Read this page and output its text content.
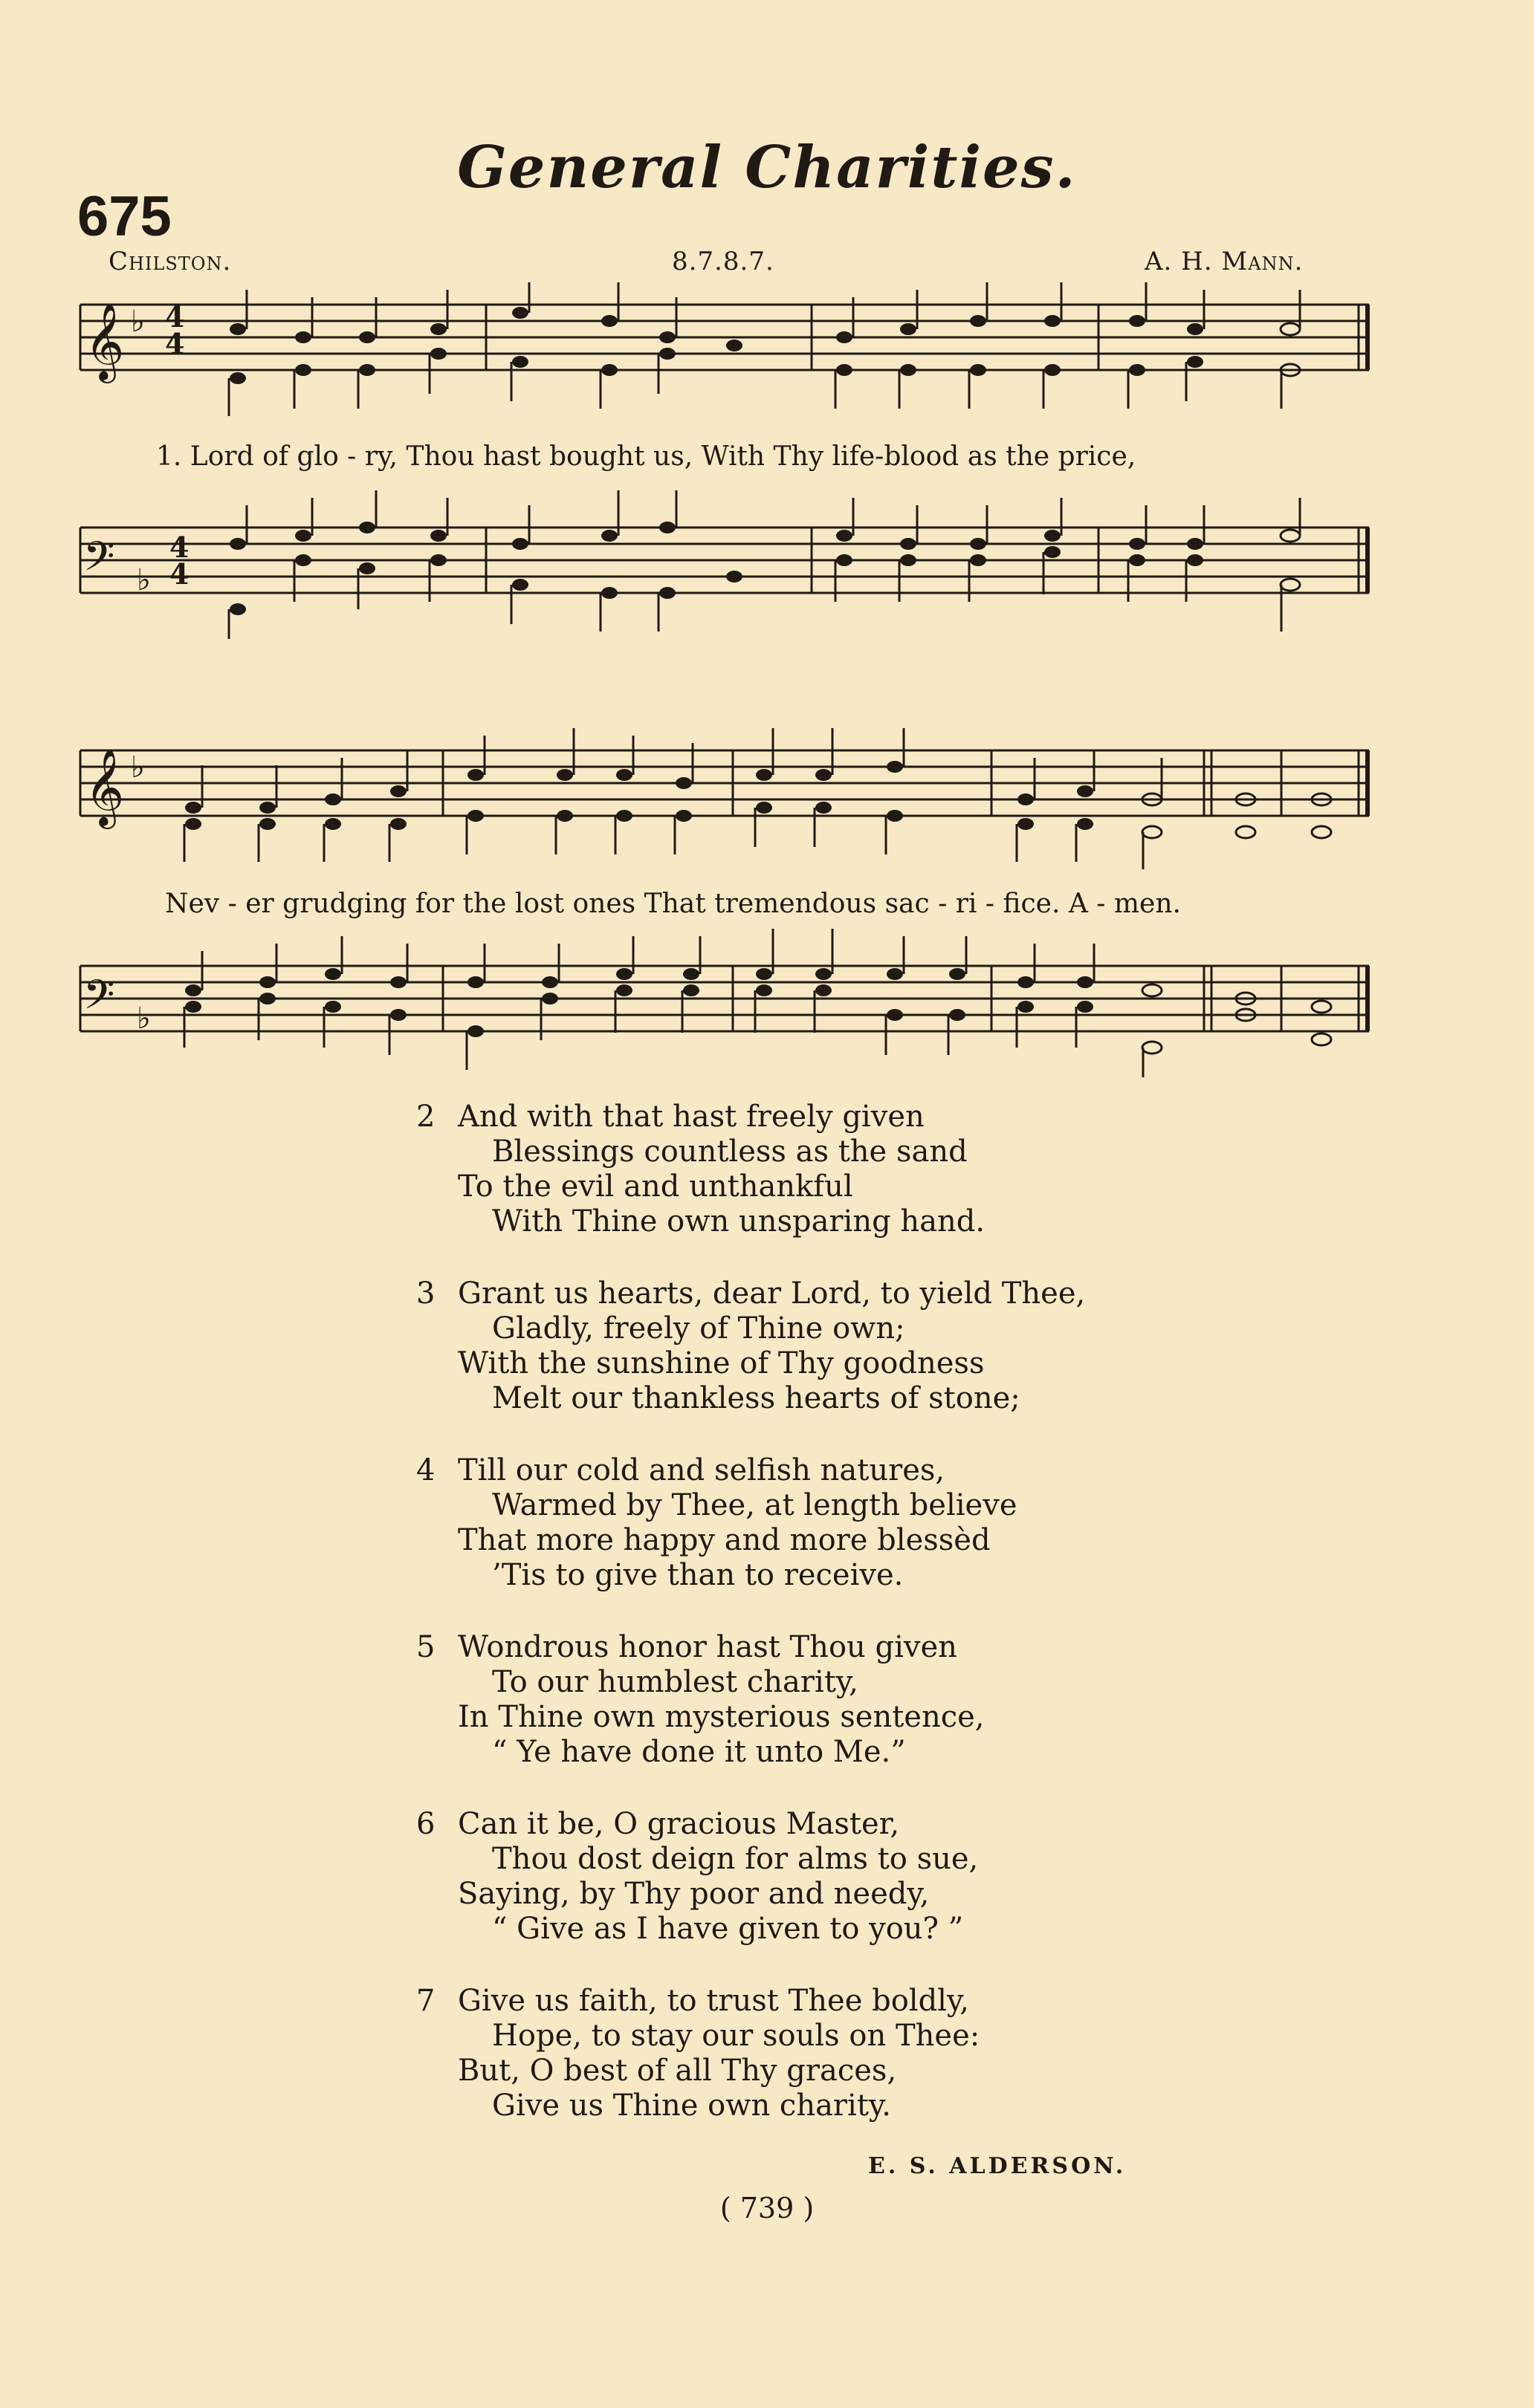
General Charities.
675
Chilston.	8.7.8.7.	A. H. Mann.
𝄞 ♭ 4
4
1. Lord of glo - ry, Thou hast bought us, With Thy life-blood as the price,
𝄢 ♭
4
4
𝄞 ♭
Nev - er grudging for the lost ones That tremendous sac - ri - fice. A - men.
𝄢 ♭
2 And with that hast freely given
Blessings countless as the sand
To the evil and unthankful
With Thine own unsparing hand.
3 Grant us hearts, dear Lord, to yield Thee,
Gladly, freely of Thine own;
With the sunshine of Thy goodness
Melt our thankless hearts of stone;
4 Till our cold and selfish natures,
Warmed by Thee, at length believe
That more happy and more blessèd
’Tis to give than to receive.
5 Wondrous honor hast Thou given
To our humblest charity,
In Thine own mysterious sentence,
“ Ye have done it unto Me.”
6 Can it be, O gracious Master,
Thou dost deign for alms to sue,
Saying, by Thy poor and needy,
“ Give as I have given to you? ”
7 Give us faith, to trust Thee boldly,
Hope, to stay our souls on Thee:
But, O best of all Thy graces,
Give us Thine own charity.
E. S. ALDERSON.
( 739 )
